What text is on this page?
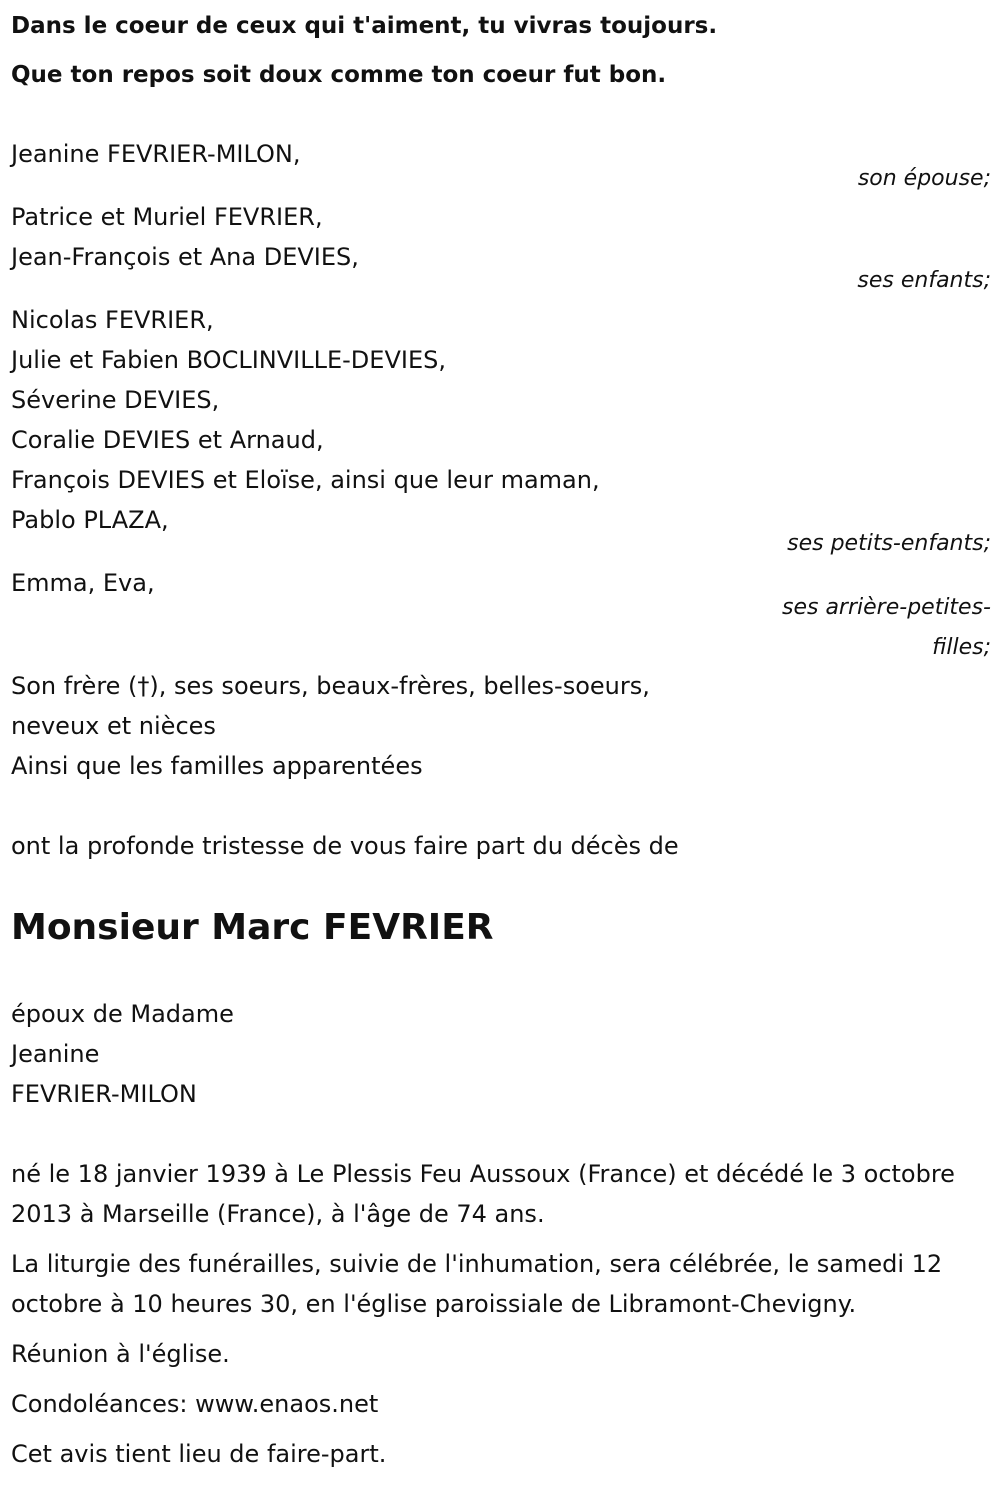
Dans le coeur de ceux qui t'aiment, tu vivras toujours.
Que ton repos soit doux comme ton coeur fut bon.
Jeanine FEVRIER-MILON,
son épouse;
Patrice et Muriel FEVRIER,
Jean-François et Ana DEVIES,
ses enfants;
Nicolas FEVRIER,
Julie et Fabien BOCLINVILLE-DEVIES,
Séverine DEVIES,
Coralie DEVIES et Arnaud,
François DEVIES et Eloïse, ainsi que leur maman,
Pablo PLAZA,
ses petits-enfants;
Emma, Eva,
ses arrière-petites-
filles;
Son frère (†), ses soeurs, beaux-frères, belles-soeurs,
neveux et nièces
Ainsi que les familles apparentées
ont la profonde tristesse de vous faire part du décès de
Monsieur Marc FEVRIER
époux de Madame
Jeanine
FEVRIER-MILON
né le 18 janvier 1939 à Le Plessis Feu Aussoux (France) et décédé le 3 octobre 2013 à Marseille (France), à l'âge de 74 ans.
La liturgie des funérailles, suivie de l'inhumation, sera célébrée, le samedi 12 octobre à 10 heures 30, en l'église paroissiale de Libramont-Chevigny.
Réunion à l'église.
Condoléances: www.enaos.net
Cet avis tient lieu de faire-part.
